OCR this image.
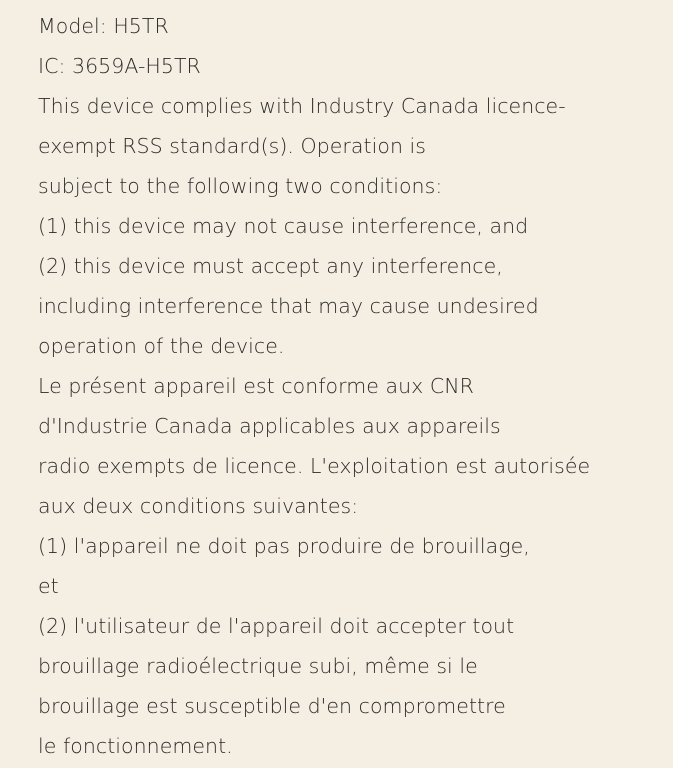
Model: H5TR
IC: 3659A-H5TR
This device complies with Industry Canada licence-
exempt RSS standard(s). Operation is
subject to the following two conditions:
(1) this device may not cause interference, and
(2) this device must accept any interference,
including interference that may cause undesired
operation of the device.
Le présent appareil est conforme aux CNR
d'Industrie Canada applicables aux appareils
radio exempts de licence. L'exploitation est autorisée
aux deux conditions suivantes:
(1) l'appareil ne doit pas produire de brouillage,
et
(2) l'utilisateur de l'appareil doit accepter tout
brouillage radioélectrique subi, même si le
brouillage est susceptible d'en compromettre
le fonctionnement.
